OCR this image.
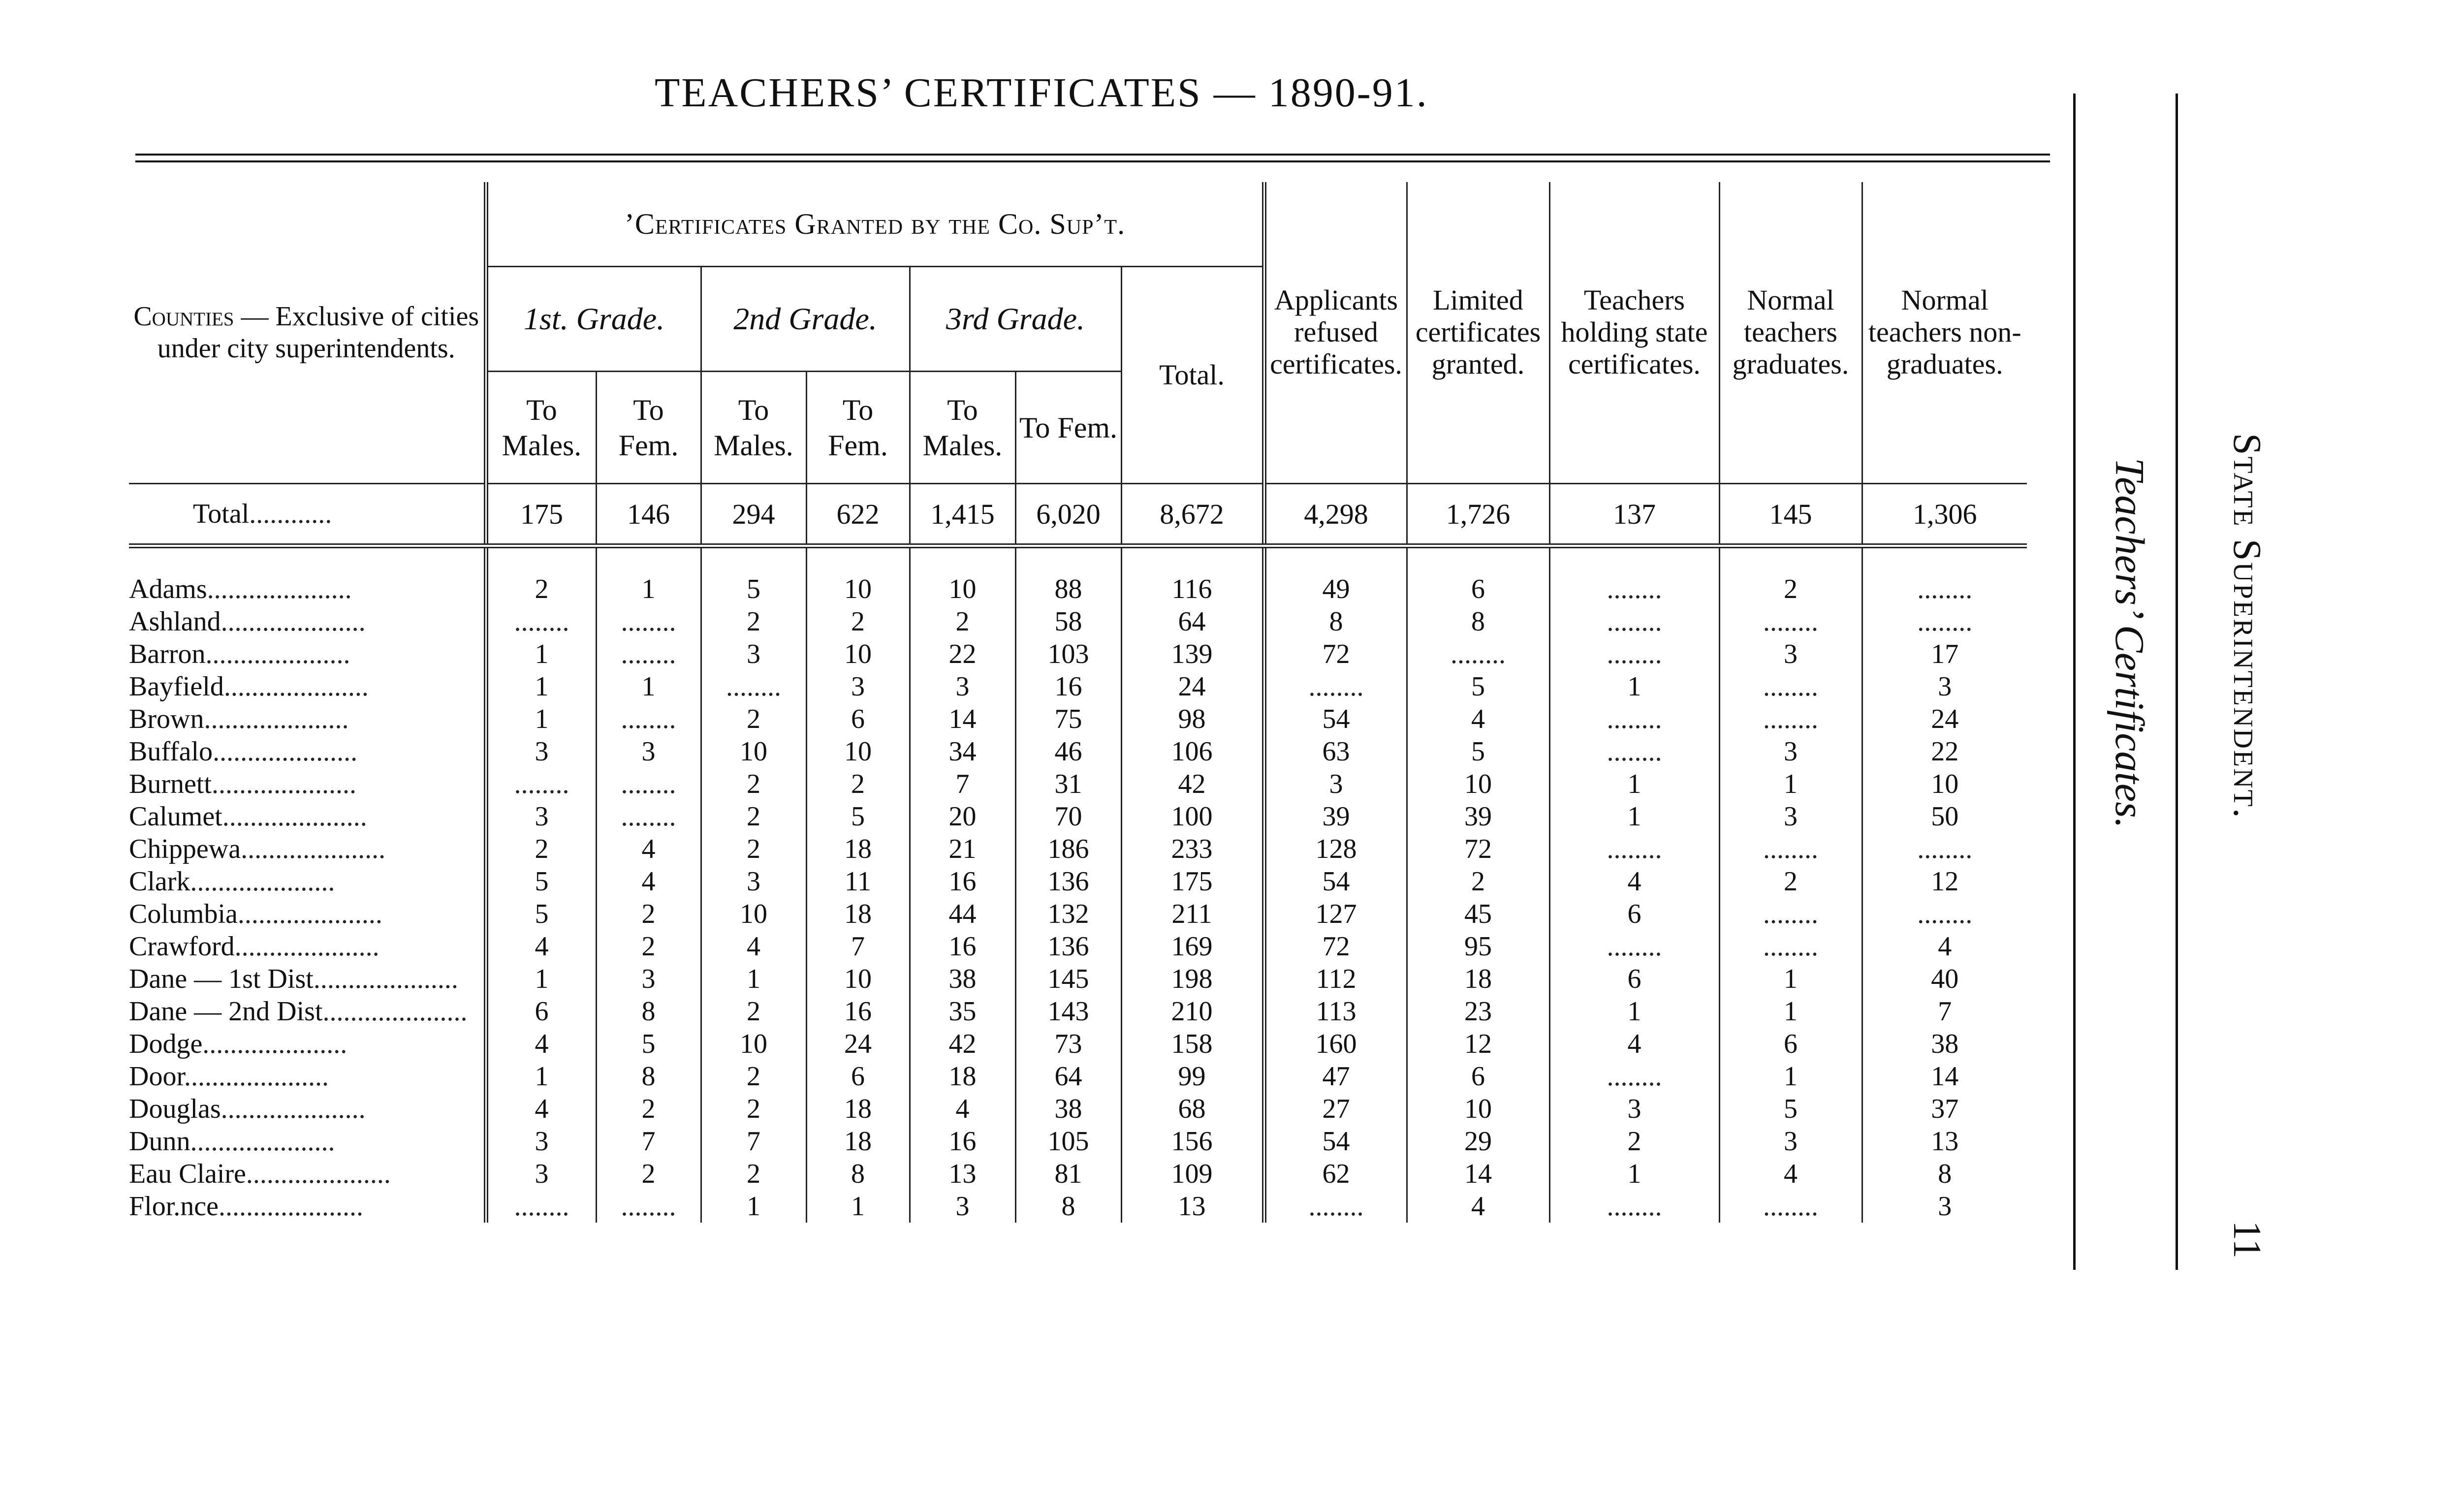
TEACHERS’ CERTIFICATES — 1890-91.
Teachers’ Certificates. State Superintendent.
11
Counties — Exclusive of cities under city superintendents.	’Certificates Granted by the Co. Sup’t.							Applicants refused certificates.	Limited certificates granted.	Teachers holding state certificates.	Normal teachers graduates.	Normal teachers non-graduates.
	1st. Grade.		2nd Grade.		3rd Grade.		Total.					
	To Males.	To Fem.	To Males.	To Fem.	To Males.	To Fem.						
Total............	175	146	294	622	1,415	6,020	8,672	4,298	1,726	137	145	1,306

Adams.....................	2	1	5	10	10	88	116	49	6	........	2	........
Ashland.....................	........	........	2	2	2	58	64	8	8	........	........	........
Barron.....................	1	........	3	10	22	103	139	72	........	........	3	17
Bayfield.....................	1	1	........	3	3	16	24	........	5	1	........	3
Brown.....................	1	........	2	6	14	75	98	54	4	........	........	24
Buffalo.....................	3	3	10	10	34	46	106	63	5	........	3	22
Burnett.....................	........	........	2	2	7	31	42	3	10	1	1	10
Calumet.....................	3	........	2	5	20	70	100	39	39	1	3	50
Chippewa.....................	2	4	2	18	21	186	233	128	72	........	........	........
Clark.....................	5	4	3	11	16	136	175	54	2	4	2	12
Columbia.....................	5	2	10	18	44	132	211	127	45	6	........	........
Crawford.....................	4	2	4	7	16	136	169	72	95	........	........	4
Dane — 1st Dist.....................	1	3	1	10	38	145	198	112	18	6	1	40
Dane — 2nd Dist.....................	6	8	2	16	35	143	210	113	23	1	1	7
Dodge.....................	4	5	10	24	42	73	158	160	12	4	6	38
Door.....................	1	8	2	6	18	64	99	47	6	........	1	14
Douglas.....................	4	2	2	18	4	38	68	27	10	3	5	37
Dunn.....................	3	7	7	18	16	105	156	54	29	2	3	13
Eau Claire.....................	3	2	2	8	13	81	109	62	14	1	4	8
Flor.nce.....................	........	........	1	1	3	8	13	........	4	........	........	3
